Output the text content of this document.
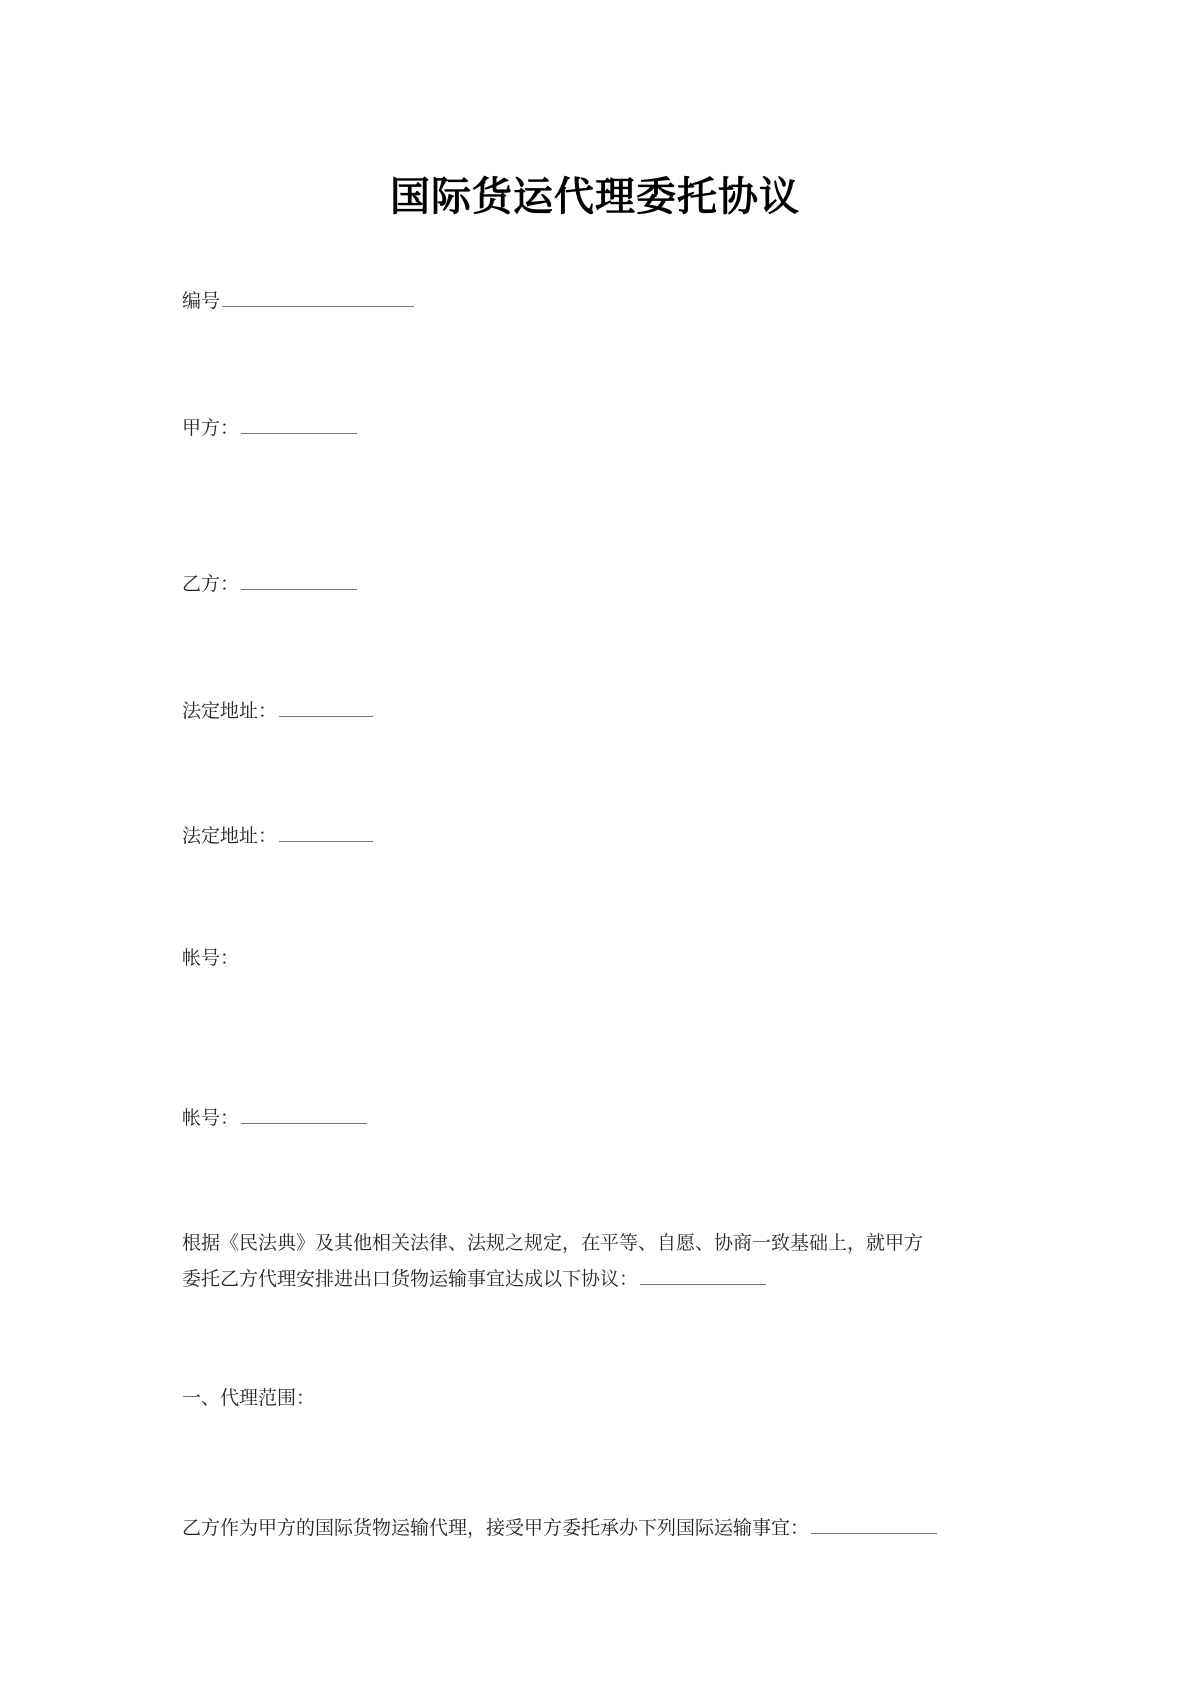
国际货运代理委托协议
编号
甲方：
乙方：
法定地址：
法定地址：
帐号：
帐号：
根据《民法典》及其他相关法律、法规之规定，在平等、自愿、协商一致基础上，就甲方
委托乙方代理安排进出口货物运输事宜达成以下协议：
一、代理范围：
乙方作为甲方的国际货物运输代理，接受甲方委托承办下列国际运输事宜：
